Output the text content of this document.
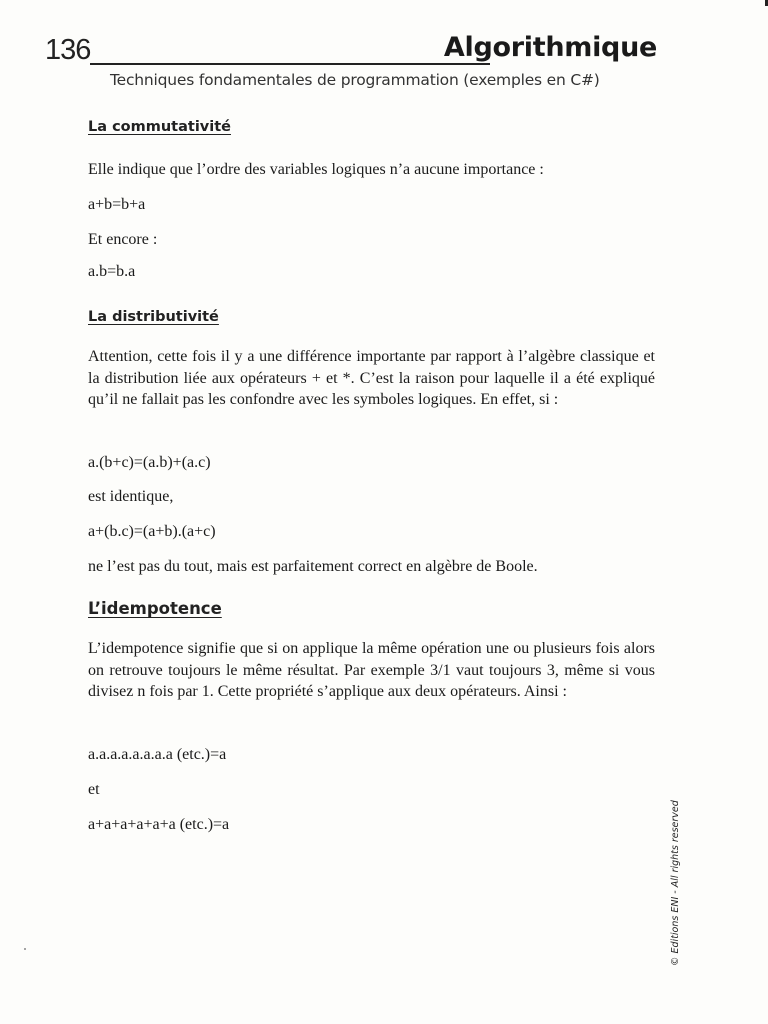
136	Algorithmique
Techniques fondamentales de programmation (exemples en C#)
La commutativité

Elle indique que l’ordre des variables logiques n’a aucune importance :

a+b=b+a

Et encore :

a.b=b.a

La distributivité

Attention, cette fois il y a une différence importante par rapport à l’algèbre classique et la distribution liée aux opérateurs + et *. C’est la raison pour laquelle il a été expliqué qu’il ne fallait pas les confondre avec les symboles logiques. En effet, si :

a.(b+c)=(a.b)+(a.c)

est identique,

a+(b.c)=(a+b).(a+c)

ne l’est pas du tout, mais est parfaitement correct en algèbre de Boole.

L’idempotence

L’idempotence signifie que si on applique la même opération une ou plusieurs fois alors on retrouve toujours le même résultat. Par exemple 3/1 vaut toujours 3, même si vous divisez n fois par 1. Cette propriété s’applique aux deux opérateurs. Ainsi :

a.a.a.a.a.a.a.a (etc.)=a

et

a+a+a+a+a+a (etc.)=a	© Editions ENI - All rights reserved
